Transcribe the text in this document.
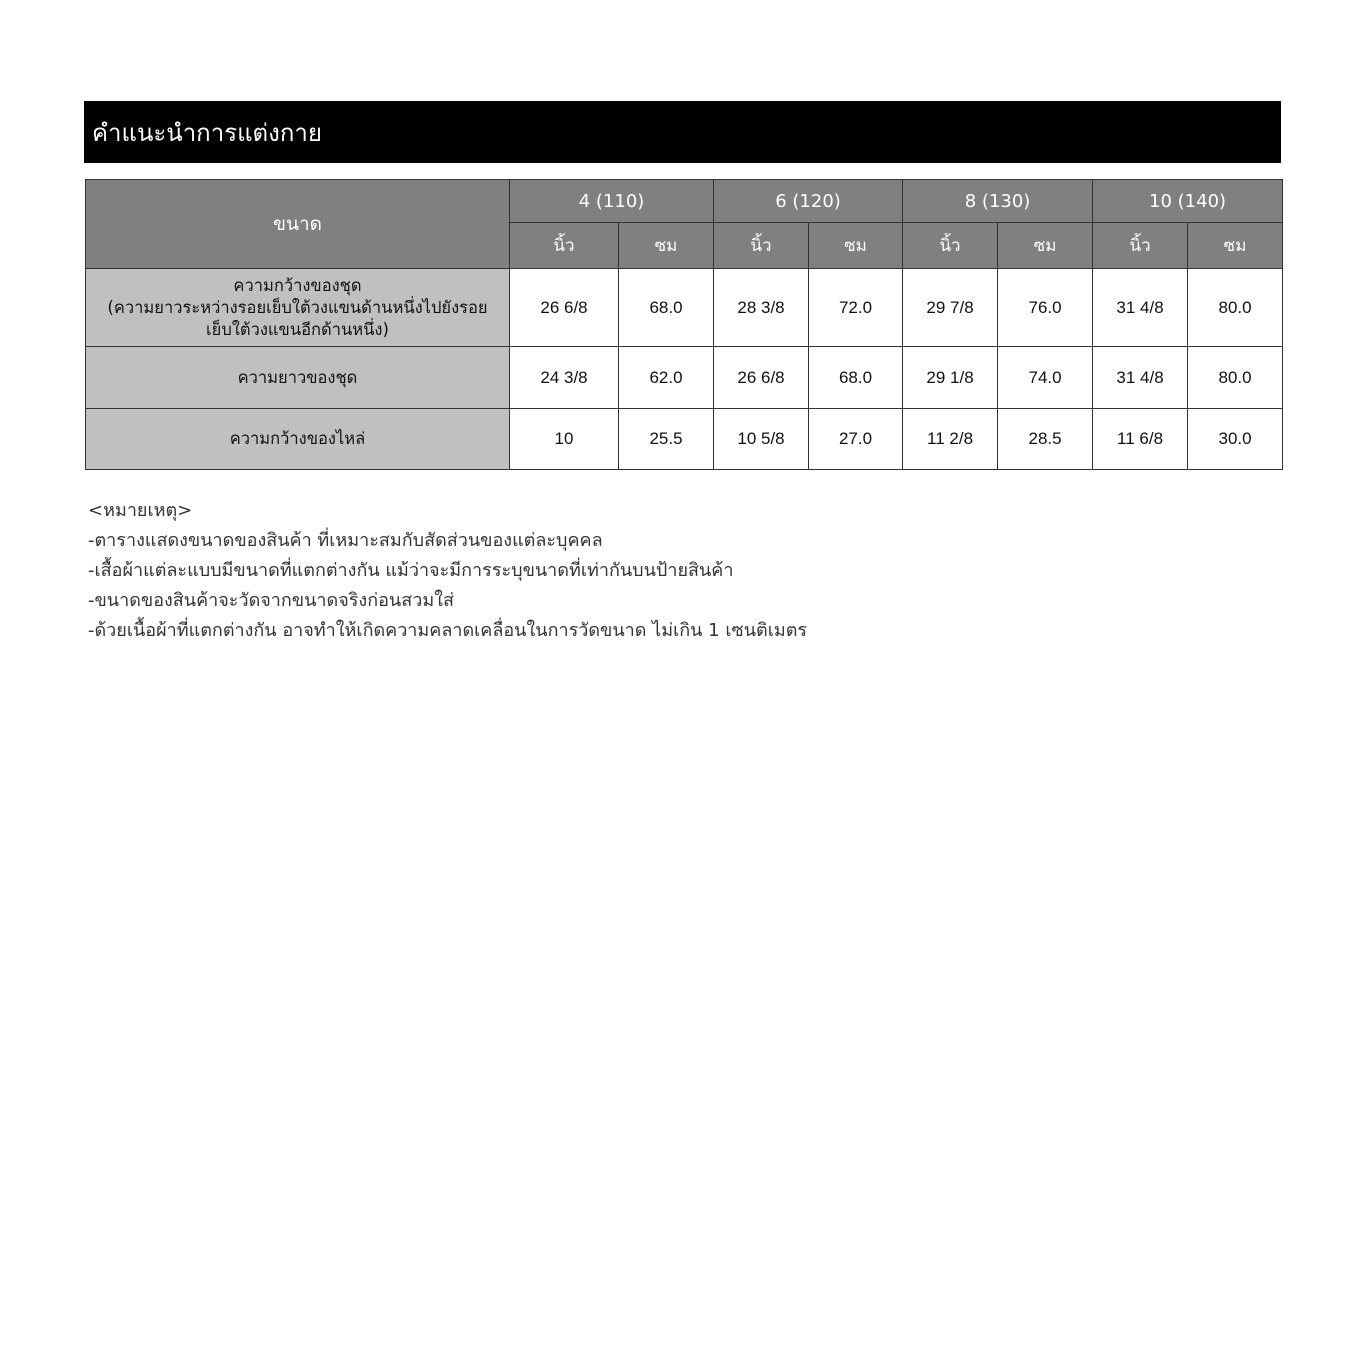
คำแนะนำการแต่งกาย
ขนาด	4 (110)		6 (120)		8 (130)		10 (140)	
	นิ้ว	ซม	นิ้ว	ซม	นิ้ว	ซม	นิ้ว	ซม

ความกว้างของชุด
(ความยาวระหว่างรอยเย็บใต้วงแขนด้านหนึ่งไปยังรอย
เย็บใต้วงแขนอีกด้านหนึ่ง)	26 6/8	68.0	28 3/8	72.0	29 7/8	76.0	31 4/8	80.0

ความยาวของชุด	24 3/8	62.0	26 6/8	68.0	29 1/8	74.0	31 4/8	80.0

ความกว้างของไหล่	10	25.5	10 5/8	27.0	11 2/8	28.5	11 6/8	30.0
<หมายเหตุ>
-ตารางแสดงขนาดของสินค้า ที่เหมาะสมกับสัดส่วนของแต่ละบุคคล
-เสื้อผ้าแต่ละแบบมีขนาดที่แตกต่างกัน แม้ว่าจะมีการระบุขนาดที่เท่ากันบนป้ายสินค้า
-ขนาดของสินค้าจะวัดจากขนาดจริงก่อนสวมใส่
-ด้วยเนื้อผ้าที่แตกต่างกัน อาจทำให้เกิดความคลาดเคลื่อนในการวัดขนาด ไม่เกิน 1 เซนติเมตร
